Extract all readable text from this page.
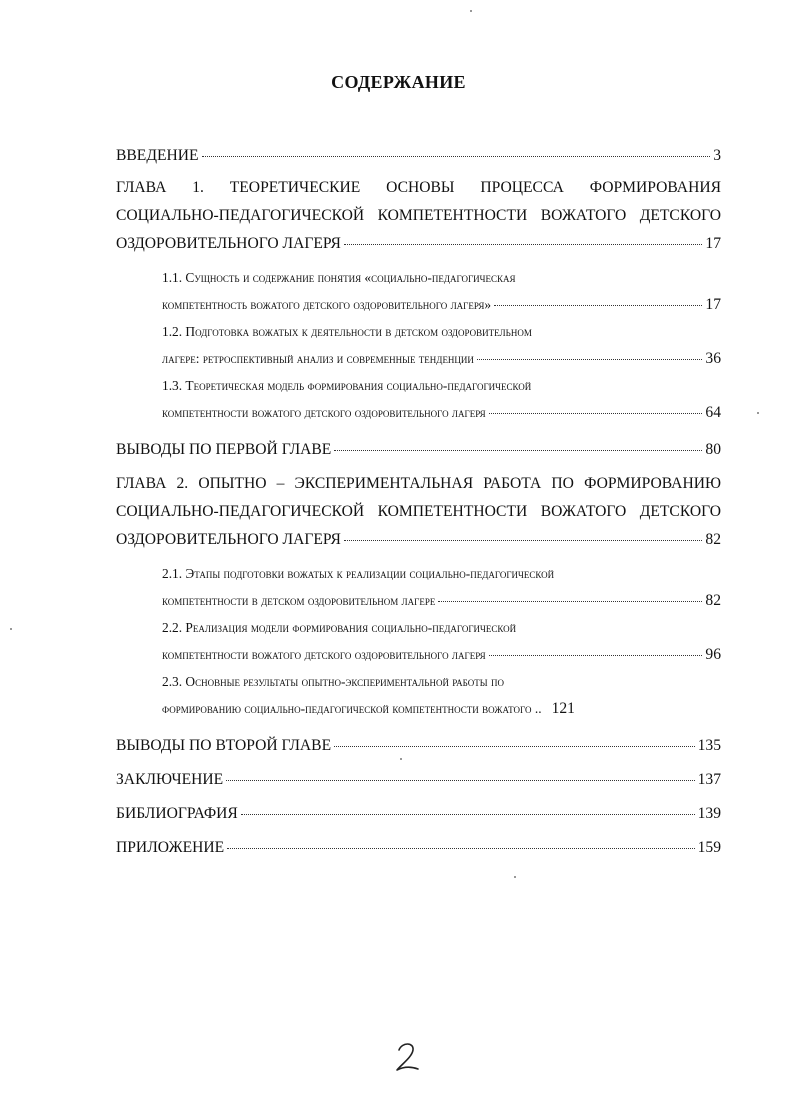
СОДЕРЖАНИЕ
ВВЕДЕНИЕ	3
ГЛАВА 1. ТЕОРЕТИЧЕСКИЕ ОСНОВЫ ПРОЦЕССА ФОРМИРОВАНИЯ
СОЦИАЛЬНО-ПЕДАГОГИЧЕСКОЙ КОМПЕТЕНТНОСТИ ВОЖАТОГО ДЕТСКОГО
ОЗДОРОВИТЕЛЬНОГО ЛАГЕРЯ	17
1.1. Сущность и содержание понятия «социально-педагогическая
компетентность вожатого детского оздоровительного лагеря»	17
1.2. Подготовка вожатых к деятельности в детском оздоровительном
лагере: ретроспективный анализ и современные тенденции	36
1.3. Теоретическая модель формирования социально-педагогической
компетентности вожатого детского оздоровительного лагеря	64
ВЫВОДЫ ПО ПЕРВОЙ ГЛАВЕ	80
ГЛАВА 2. ОПЫТНО – ЭКСПЕРИМЕНТАЛЬНАЯ РАБОТА ПО ФОРМИРОВАНИЮ
СОЦИАЛЬНО-ПЕДАГОГИЧЕСКОЙ КОМПЕТЕНТНОСТИ ВОЖАТОГО ДЕТСКОГО
ОЗДОРОВИТЕЛЬНОГО ЛАГЕРЯ	82
2.1. Этапы подготовки вожатых к реализации социально-педагогической
компетентности в детском оздоровительном лагере	82
2.2. Реализация модели формирования социально-педагогической
компетентности вожатого детского оздоровительного лагеря	96
2.3. Основные результаты опытно-экспериментальной работы по
формированию социально-педагогической компетентности вожатого .. 121
ВЫВОДЫ ПО ВТОРОЙ ГЛАВЕ	135
ЗАКЛЮЧЕНИЕ	137
БИБЛИОГРАФИЯ	139
ПРИЛОЖЕНИЕ	159
